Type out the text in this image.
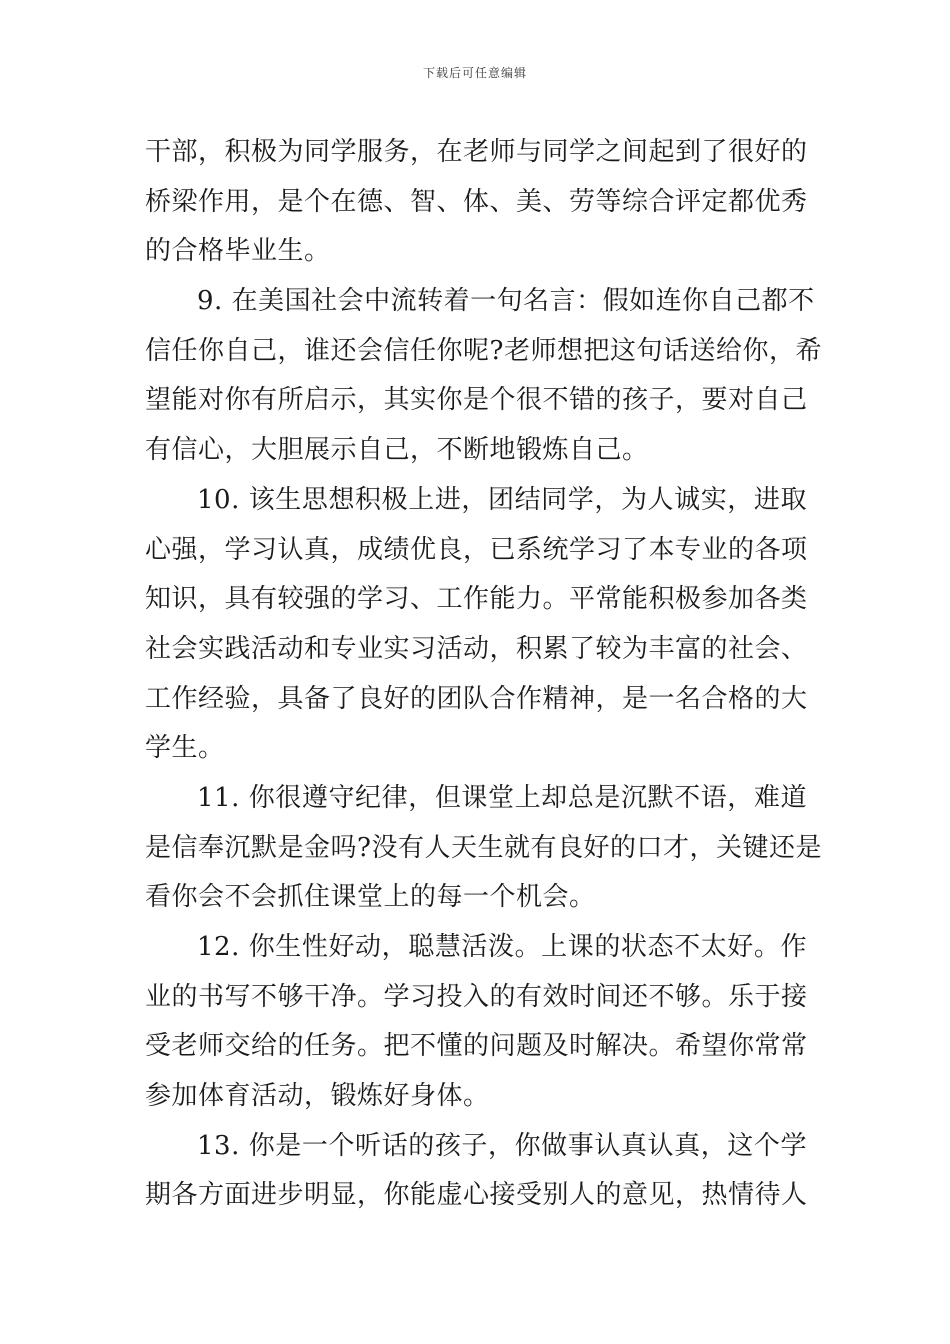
下载后可任意编辑
干部，积极为同学服务，在老师与同学之间起到了很好的
桥梁作用，是个在德、智、体、美、劳等综合评定都优秀
的合格毕业生。
9. 在美国社会中流转着一句名言：假如连你自己都不
信任你自己，谁还会信任你呢?老师想把这句话送给你，希
望能对你有所启示，其实你是个很不错的孩子，要对自己
有信心，大胆展示自己，不断地锻炼自己。
10. 该生思想积极上进，团结同学，为人诚实，进取
心强，学习认真，成绩优良，已系统学习了本专业的各项
知识，具有较强的学习、工作能力。平常能积极参加各类
社会实践活动和专业实习活动，积累了较为丰富的社会、
工作经验，具备了良好的团队合作精神，是一名合格的大
学生。
11. 你很遵守纪律，但课堂上却总是沉默不语，难道
是信奉沉默是金吗?没有人天生就有良好的口才，关键还是
看你会不会抓住课堂上的每一个机会。
12. 你生性好动，聪慧活泼。上课的状态不太好。作
业的书写不够干净。学习投入的有效时间还不够。乐于接
受老师交给的任务。把不懂的问题及时解决。希望你常常
参加体育活动，锻炼好身体。
13. 你是一个听话的孩子，你做事认真认真，这个学
期各方面进步明显，你能虚心接受别人的意见，热情待人
